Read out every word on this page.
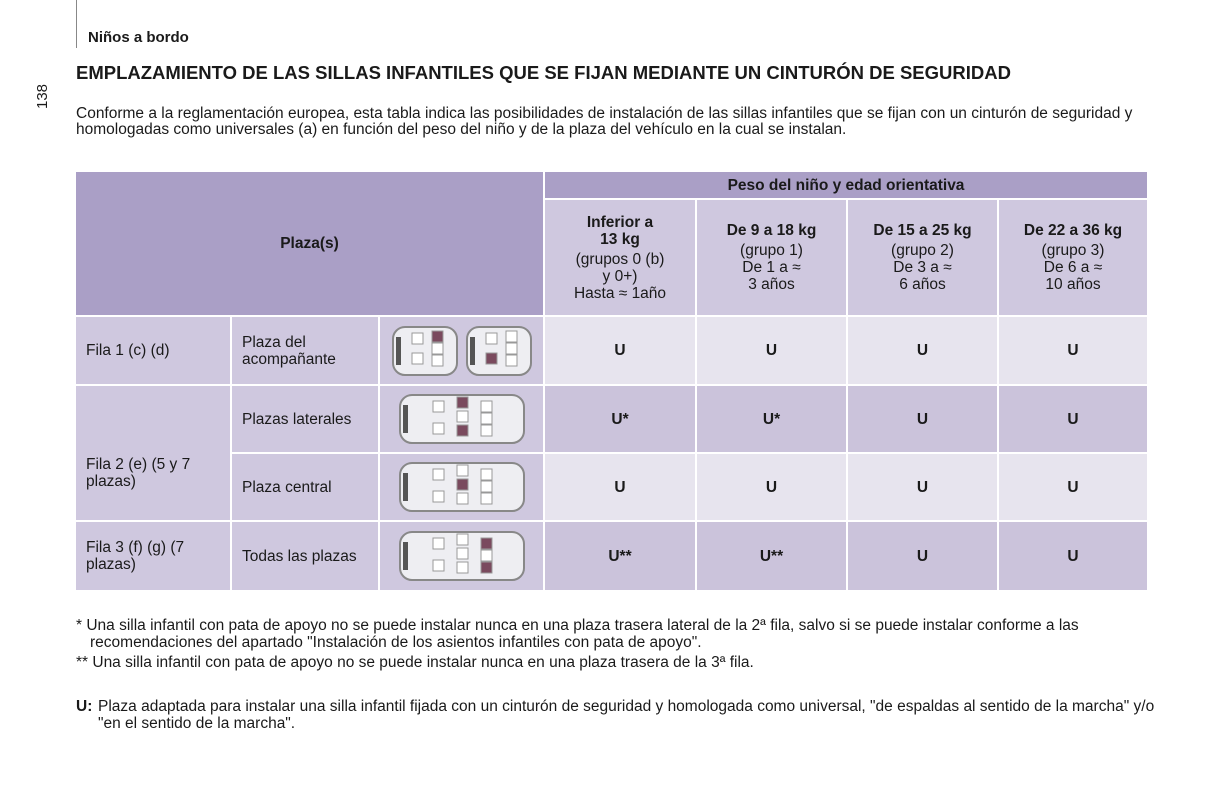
Niños a bordo
138
EMPLAZAMIENTO DE LAS SILLAS INFANTILES QUE SE FIJAN MEDIANTE UN CINTURÓN DE SEGURIDAD
Conforme a la reglamentación europea, esta tabla indica las posibilidades de instalación de las sillas infantiles que se fijan con un cinturón de seguridad y homologadas como universales (a) en función del peso del niño y de la plaza del vehículo en la cual se instalan.
Plaza(s)
Peso del niño y edad orientativa
Inferior a
13 kg
(grupos 0 (b)
y 0+)
Hasta ≈ 1año
De 9 a 18 kg
(grupo 1)
De 1 a ≈
3 años
De 15 a 25 kg
(grupo 2)
De 3 a ≈
6 años
De 22 a 36 kg
(grupo 3)
De 6 a ≈
10 años
Fila 1 (c) (d)	Plaza del acompañante	U	U	U	U
Fila 2 (e) (5 y 7 plazas)
Plazas laterales	U*	U*	U	U
Plaza central	U	U	U	U
Fila 3 (f) (g) (7 plazas)	Todas las plazas	U**	U**	U	U
* Una silla infantil con pata de apoyo no se puede instalar nunca en una plaza trasera lateral de la 2ª fila, salvo si se puede instalar conforme a las recomendaciones del apartado "Instalación de los asientos infantiles con pata de apoyo".
** Una silla infantil con pata de apoyo no se puede instalar nunca en una plaza trasera de la 3ª fila.
U: Plaza adaptada para instalar una silla infantil fijada con un cinturón de seguridad y homologada como universal, "de espaldas al sentido de la marcha" y/o "en el sentido de la marcha".
